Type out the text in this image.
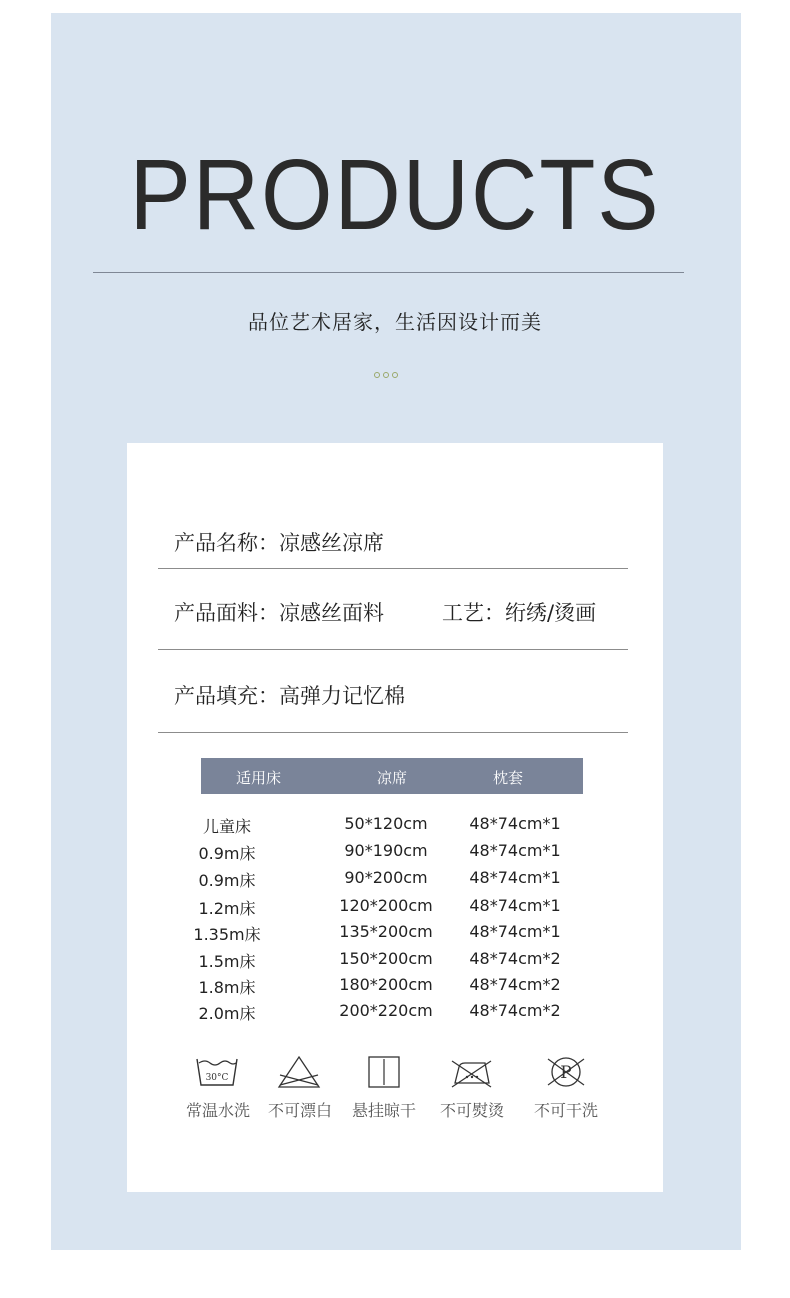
PRODUCTS
品位艺术居家，生活因设计而美
产品名称：凉感丝凉席
产品面料：凉感丝面料	工艺：绗绣/烫画
产品填充：高弹力记忆棉
适用床	凉席	枕套
儿童床	50*120cm	48*74cm*1
0.9m床	90*190cm	48*74cm*1
0.9m床	90*200cm	48*74cm*1
1.2m床	120*200cm 48*74cm*1
1.35m床	135*200cm 48*74cm*1
1.5m床	150*200cm 48*74cm*2
1.8m床	180*200cm 48*74cm*2
2.0m床	200*220cm 48*74cm*2
30°C	P
常温水洗 不可漂白 悬挂晾干 不可熨烫 不可干洗
